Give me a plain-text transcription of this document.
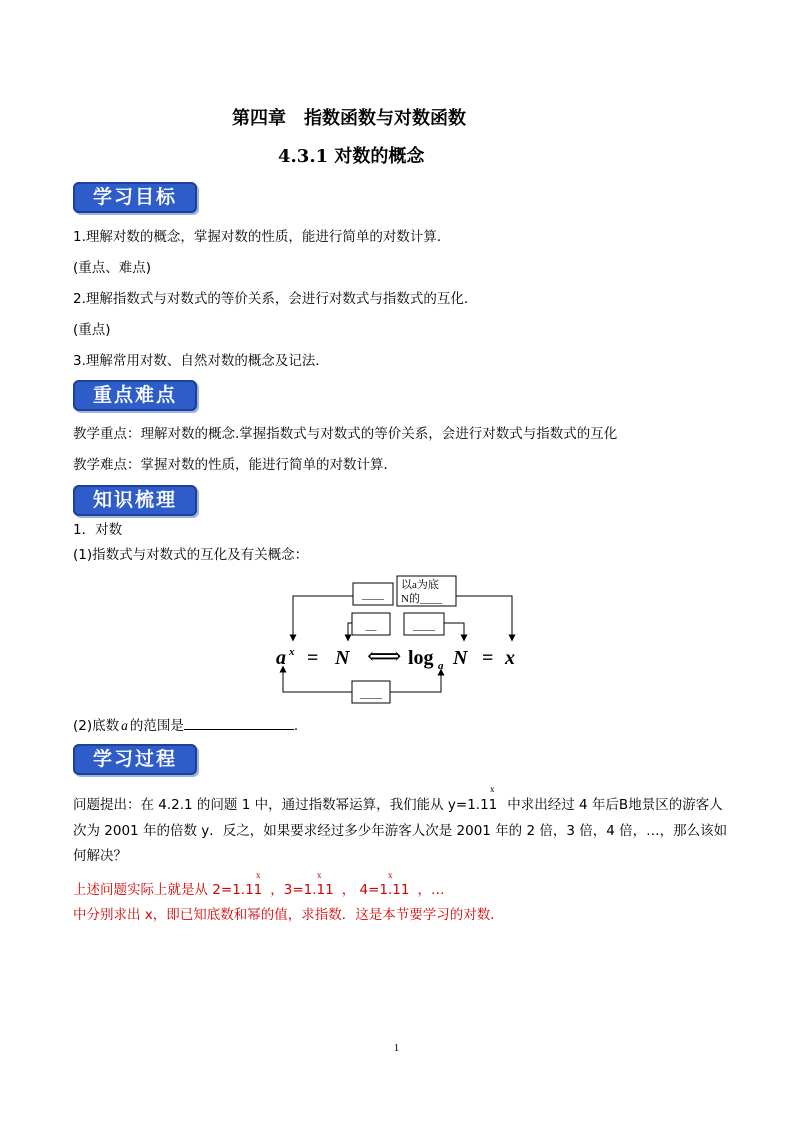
第四章　指数函数与对数函数
4.3.1 对数的概念
学习目标
1.理解对数的概念，掌握对数的性质，能进行简单的对数计算．
(重点、难点)
2.理解指数式与对数式的等价关系，会进行对数式与指数式的互化．
(重点)
3.理解常用对数、自然对数的概念及记法．
重点难点
教学重点：理解对数的概念.掌握指数式与对数式的等价关系，会进行对数式与指数式的互化
教学难点：掌握对数的性质，能进行简单的对数计算．
知识梳理
1．对数
(1)指数式与对数式的互化及有关概念：
____
以a为底
N的____
__	____
a x = N ⟺ log a N = x
____
(2)底数 a 的范围是	.
学习过程
问题提出：在 4.2.1 的问题 1 中，通过指数幂运算，我们能从 y=1.11 中求出经过 4 年后B地景区的游客人
x
次为 2001 年的倍数 y．反之，如果要求经过多少年游客人次是 2001 年的 2 倍，3 倍，4 倍，…，那么该如
何解决？
上述问题实际上就是从 2=1.11 ，3=1.11 ， 4=1.11 ，…
x	x	x
中分别求出 x，即已知底数和幂的值，求指数．这是本节要学习的对数．
1
